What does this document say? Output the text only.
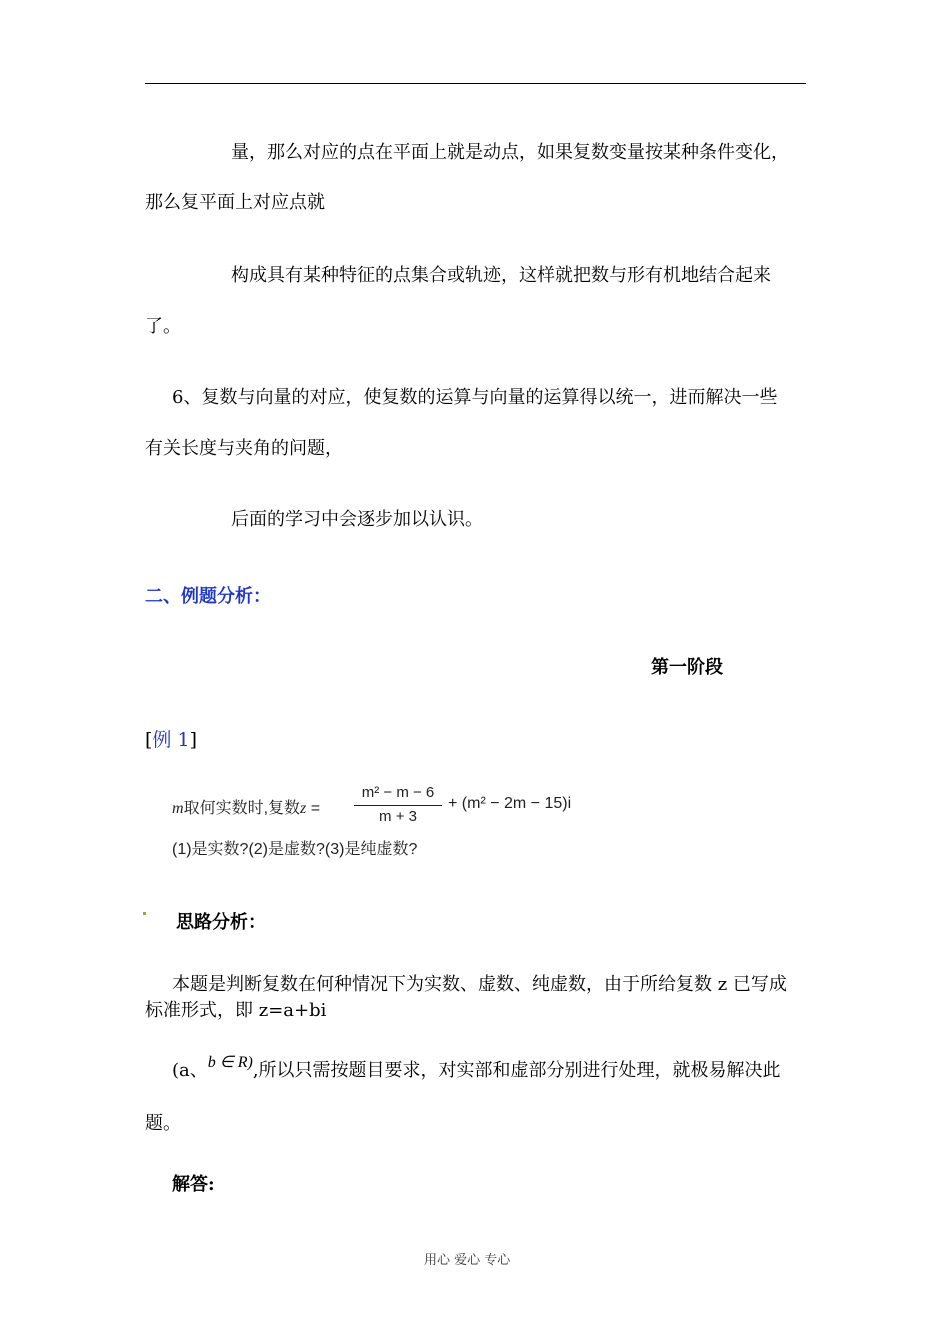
量，那么对应的点在平面上就是动点，如果复数变量按某种条件变化，
那么复平面上对应点就
构成具有某种特征的点集合或轨迹，这样就把数与形有机地结合起来
了。
6、复数与向量的对应，使复数的运算与向量的运算得以统一，进而解决一些
有关长度与夹角的问题，
后面的学习中会逐步加以认识。
二、例题分析：
第一阶段
[例 1]
m取何实数时,复数z =
m² − m − 6
m + 3
+ (m² − 2m − 15)i
(1)是实数?(2)是虚数?(3)是纯虚数?
思路分析：
本题是判断复数在何种情况下为实数、虚数、纯虚数，由于所给复数 z 已写成
标准形式，即 z=a+bi
(a、b ∈ R),所以只需按题目要求，对实部和虚部分别进行处理，就极易解决此
题。
解答:
用心 爱心 专心
